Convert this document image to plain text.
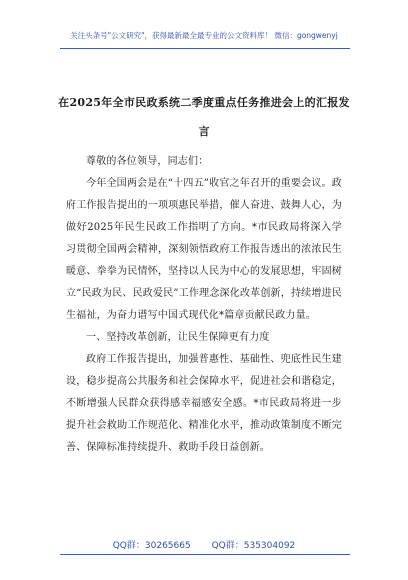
关注头条号"公文研究"，获得最新最全最专业的公文资料库！ 微信：gongwenyj
在2025年全市民政系统二季度重点任务推进会上的汇报发
言

尊敬的各位领导，同志们：

今年全国两会是在“十四五”收官之年召开的重要会议。政府工作报告提出的一项项惠民举措，催人奋进、鼓舞人心，为做好2025年民生民政工作指明了方向。*市民政局将深入学习贯彻全国两会精神，深刻领悟政府工作报告透出的浓浓民生暖意、拳拳为民情怀，坚持以人民为中心的发展思想，牢固树立“民政为民、民政爱民”工作理念深化改革创新，持续增进民生福祉，为奋力谱写中国式现代化*篇章贡献民政力量。

一、坚持改革创新，让民生保障更有力度

政府工作报告提出，加强普惠性、基础性、兜底性民生建设，稳步提高公共服务和社会保障水平，促进社会和谐稳定，不断增强人民群众获得感幸福感安全感。*市民政局将进一步提升社会救助工作规范化、精准化水平，推动政策制度不断完善、保障标准持续提升、救助手段日益创新。

QQ群：30265665 QQ群：535304092
